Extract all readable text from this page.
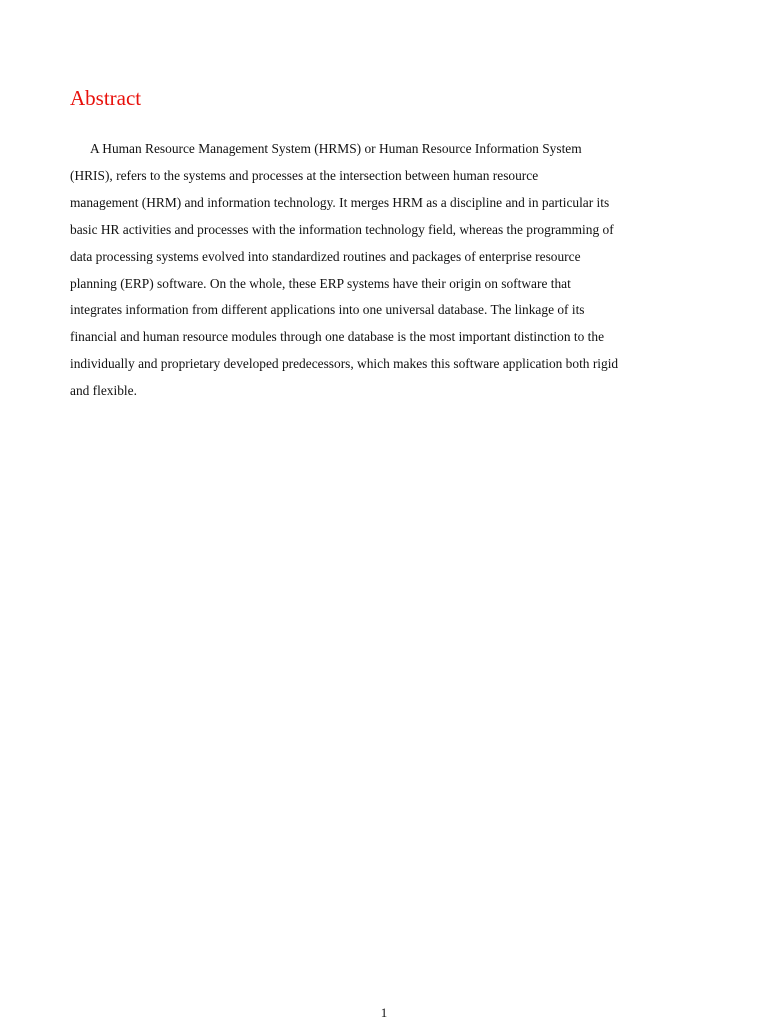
Abstract

A Human Resource Management System (HRMS) or Human Resource Information System
(HRIS), refers to the systems and processes at the intersection between human resource
management (HRM) and information technology. It merges HRM as a discipline and in particular its
basic HR activities and processes with the information technology field, whereas the programming of
data processing systems evolved into standardized routines and packages of enterprise resource
planning (ERP) software. On the whole, these ERP systems have their origin on software that
integrates information from different applications into one universal database. The linkage of its
financial and human resource modules through one database is the most important distinction to the
individually and proprietary developed predecessors, which makes this software application both rigid
and flexible.

1
